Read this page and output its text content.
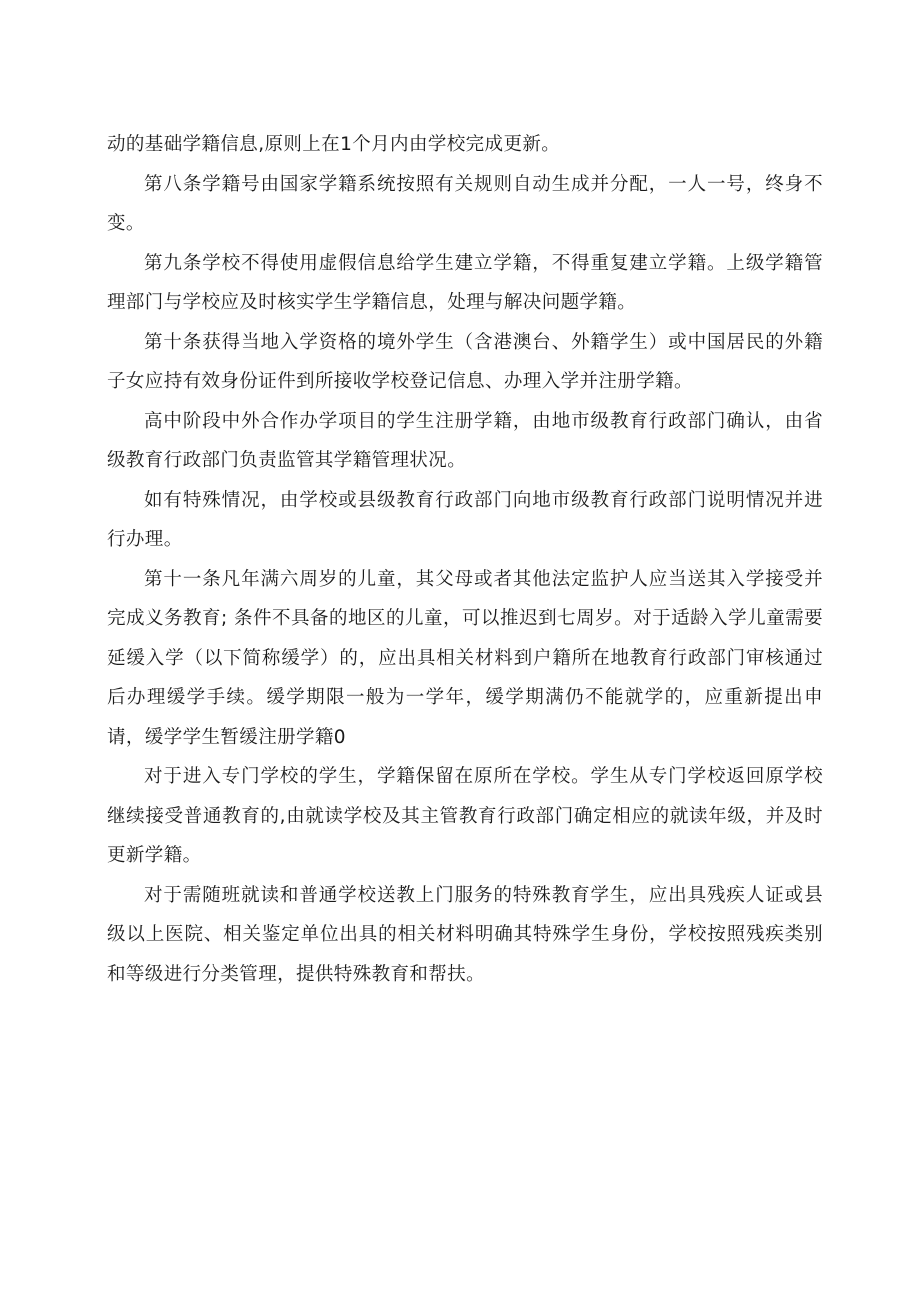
动的基础学籍信息,原则上在1个月内由学校完成更新。

第八条学籍号由国家学籍系统按照有关规则自动生成并分配，一人一号，终身不变。

第九条学校不得使用虚假信息给学生建立学籍，不得重复建立学籍。上级学籍管理部门与学校应及时核实学生学籍信息，处理与解决问题学籍。

第十条获得当地入学资格的境外学生（含港澳台、外籍学生）或中国居民的外籍子女应持有效身份证件到所接收学校登记信息、办理入学并注册学籍。

高中阶段中外合作办学项目的学生注册学籍，由地市级教育行政部门确认，由省级教育行政部门负责监管其学籍管理状况。

如有特殊情况，由学校或县级教育行政部门向地市级教育行政部门说明情况并进行办理。

第十一条凡年满六周岁的儿童，其父母或者其他法定监护人应当送其入学接受并完成义务教育; 条件不具备的地区的儿童，可以推迟到七周岁。对于适龄入学儿童需要延缓入学（以下简称缓学）的，应出具相关材料到户籍所在地教育行政部门审核通过后办理缓学手续。缓学期限一般为一学年，缓学期满仍不能就学的，应重新提出申请，缓学学生暂缓注册学籍0

对于进入专门学校的学生，学籍保留在原所在学校。学生从专门学校返回原学校继续接受普通教育的,由就读学校及其主管教育行政部门确定相应的就读年级，并及时更新学籍。

对于需随班就读和普通学校送教上门服务的特殊教育学生，应出具残疾人证或县级以上医院、相关鉴定单位出具的相关材料明确其特殊学生身份，学校按照残疾类别和等级进行分类管理，提供特殊教育和帮扶。
